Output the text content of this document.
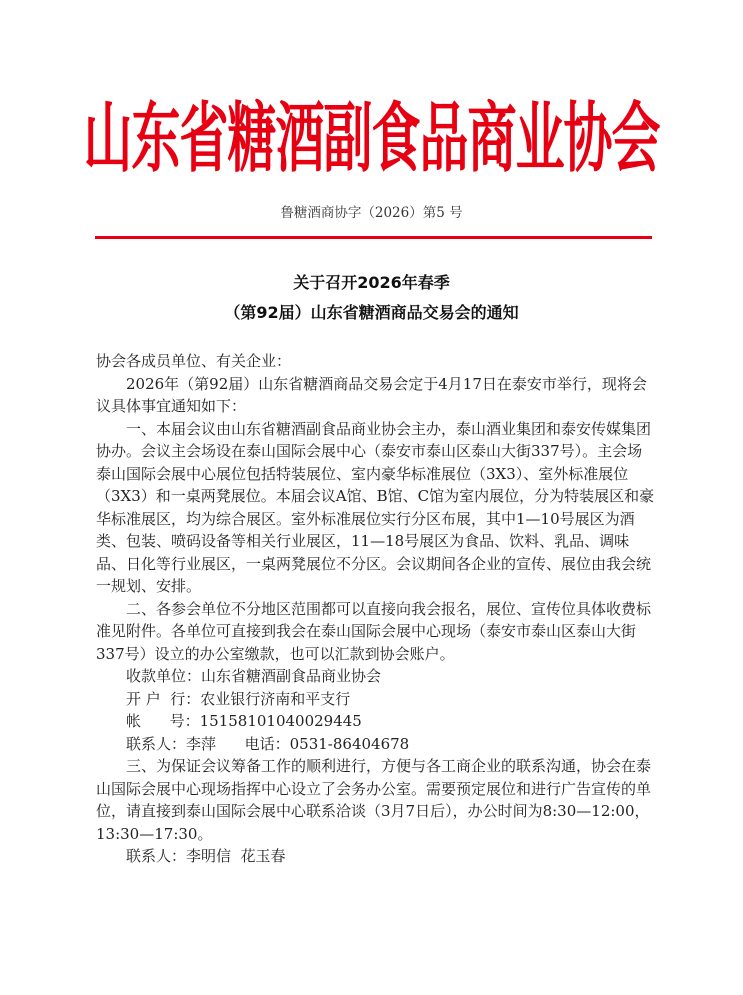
山东省糖酒副食品商业协会
鲁糖酒商协字（2026）第5 号
关于召开2026年春季
（第92届）山东省糖酒商品交易会的通知

协会各成员单位、有关企业：

2026年（第92届）山东省糖酒商品交易会定于4月17日在泰安市举行，现将会议具体事宜通知如下：

一、本届会议由山东省糖酒副食品商业协会主办，泰山酒业集团和泰安传媒集团协办。会议主会场设在泰山国际会展中心（泰安市泰山区泰山大街337号）。主会场泰山国际会展中心展位包括特装展位、室内豪华标准展位（3X3）、室外标准展位（3X3）和一桌两凳展位。本届会议A馆、B馆、C馆为室内展位，分为特装展区和豪华标准展区，均为综合展区。室外标准展位实行分区布展，其中1—10号展区为酒类、包装、喷码设备等相关行业展区，11—18号展区为食品、饮料、乳品、调味品、日化等行业展区，一桌两凳展位不分区。会议期间各企业的宣传、展位由我会统一规划、安排。

二、各参会单位不分地区范围都可以直接向我会报名，展位、宣传位具体收费标准见附件。各单位可直接到我会在泰山国际会展中心现场（泰安市泰山区泰山大街337号）设立的办公室缴款，也可以汇款到协会账户。

收款单位：山东省糖酒副食品商业协会

开 户  行：农业银行济南和平支行

帐      号：15158101040029445

联系人：李萍      电话：0531-86404678

三、为保证会议筹备工作的顺利进行，方便与各工商企业的联系沟通，协会在泰山国际会展中心现场指挥中心设立了会务办公室。需要预定展位和进行广告宣传的单位，请直接到泰山国际会展中心联系洽谈（3月7日后），办公时间为8:30—12:00，13:30—17:30。

联系人：李明信  花玉春
